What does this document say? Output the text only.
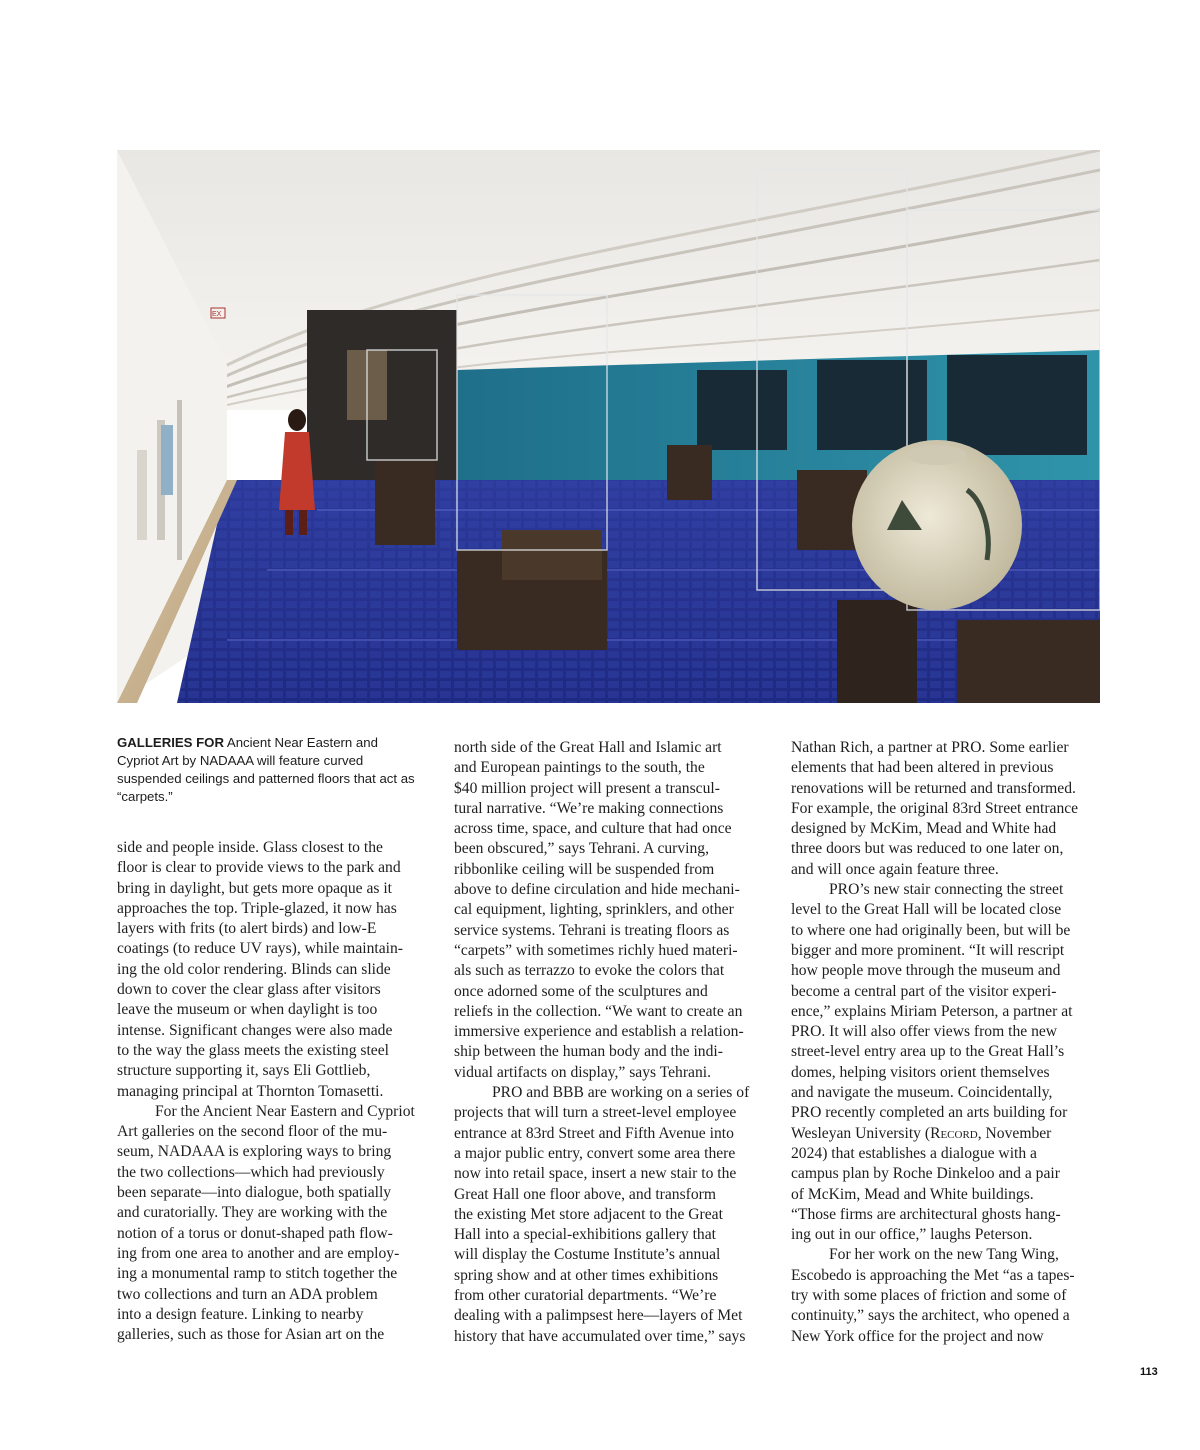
EX
GALLERIES FOR Ancient Near Eastern and Cypriot Art by NADAAA will feature curved suspended ceilings and patterned floors that act as “carpets.”

side and people inside. Glass closest to the
floor is clear to provide views to the park and
bring in daylight, but gets more opaque as it
approaches the top. Triple-glazed, it now has
layers with frits (to alert birds) and low-E
coatings (to reduce UV rays), while maintain-
ing the old color rendering. Blinds can slide
down to cover the clear glass after visitors
leave the museum or when daylight is too
intense. Significant changes were also made
to the way the glass meets the existing steel
structure supporting it, says Eli Gottlieb,
managing principal at Thornton Tomasetti.

For the Ancient Near Eastern and Cypriot
Art galleries on the second floor of the mu-
seum, NADAAA is exploring ways to bring
the two collections—which had previously
been separate—into dialogue, both spatially
and curatorially. They are working with the
notion of a torus or donut-shaped path flow-
ing from one area to another and are employ-
ing a monumental ramp to stitch together the
two collections and turn an ADA problem
into a design feature. Linking to nearby
galleries, such as those for Asian art on the

north side of the Great Hall and Islamic art
and European paintings to the south, the
$40 million project will present a transcul-
tural narrative. “We’re making connections
across time, space, and culture that had once
been obscured,” says Tehrani. A curving,
ribbonlike ceiling will be suspended from
above to define circulation and hide mechani-
cal equipment, lighting, sprinklers, and other
service systems. Tehrani is treating floors as
“carpets” with sometimes richly hued materi-
als such as terrazzo to evoke the colors that
once adorned some of the sculptures and
reliefs in the collection. “We want to create an
immersive experience and establish a relation-
ship between the human body and the indi-
vidual artifacts on display,” says Tehrani.

PRO and BBB are working on a series of
projects that will turn a street-level employee
entrance at 83rd Street and Fifth Avenue into
a major public entry, convert some area there
now into retail space, insert a new stair to the
Great Hall one floor above, and transform
the existing Met store adjacent to the Great
Hall into a special-exhibitions gallery that
will display the Costume Institute’s annual
spring show and at other times exhibitions
from other curatorial departments. “We’re
dealing with a palimpsest here—layers of Met
history that have accumulated over time,” says

Nathan Rich, a partner at PRO. Some earlier
elements that had been altered in previous
renovations will be returned and transformed.
For example, the original 83rd Street entrance
designed by McKim, Mead and White had
three doors but was reduced to one later on,
and will once again feature three.

PRO’s new stair connecting the street
level to the Great Hall will be located close
to where one had originally been, but will be
bigger and more prominent. “It will rescript
how people move through the museum and
become a central part of the visitor experi-
ence,” explains Miriam Peterson, a partner at
PRO. It will also offer views from the new
street-level entry area up to the Great Hall’s
domes, helping visitors orient themselves
and navigate the museum. Coincidentally,
PRO recently completed an arts building for
Wesleyan University (Record, November
2024) that establishes a dialogue with a
campus plan by Roche Dinkeloo and a pair
of McKim, Mead and White buildings.
“Those firms are architectural ghosts hang-
ing out in our office,” laughs Peterson.

For her work on the new Tang Wing,
Escobedo is approaching the Met “as a tapes-
try with some places of friction and some of
continuity,” says the architect, who opened a
New York office for the project and now

113
